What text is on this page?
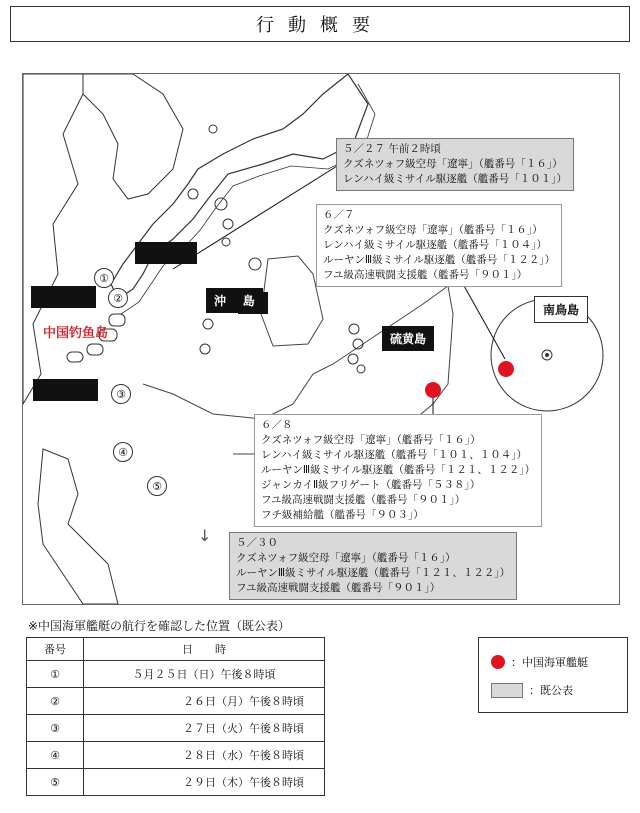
行動概要
①
②
③
④
⑤
中国钓鱼岛
沖 島
硫黄島
南鳥島
５／２７ 午前２時頃
クズネツォフ級空母「遼寧」（艦番号「１６」）
レンハイ級ミサイル駆逐艦（艦番号「１０１」）
６／７
クズネツォフ級空母「遼寧」（艦番号「１６」）
レンハイ級ミサイル駆逐艦（艦番号「１０４」）
ルーヤンⅢ級ミサイル駆逐艦（艦番号「１２２」）
フユ級高速戦闘支援艦（艦番号「９０１」）
６／８
クズネツォフ級空母「遼寧」（艦番号「１６」）
レンハイ級ミサイル駆逐艦（艦番号「１０１、１０４」）
ルーヤンⅢ級ミサイル駆逐艦（艦番号「１２１、１２２」）
ジャンカイⅡ級フリゲート（艦番号「５３８」）
フユ級高速戦闘支援艦（艦番号「９０１」）
フチ級補給艦（艦番号「９０３」）
５／３０
クズネツォフ級空母「遼寧」（艦番号「１６」）
ルーヤンⅢ級ミサイル駆逐艦（艦番号「１２１、１２２」）
フユ級高速戦闘支援艦（艦番号「９０１」）
↓
※中国海軍艦艇の航行を確認した位置（既公表）
番号	日　　時
①	５月２５日（日）午後８時頃
②	２６日（月）午後８時頃
③	２７日（火）午後８時頃
④	２８日（水）午後８時頃
⑤	２９日（木）午後８時頃
：中国海軍艦艇
：既公表
